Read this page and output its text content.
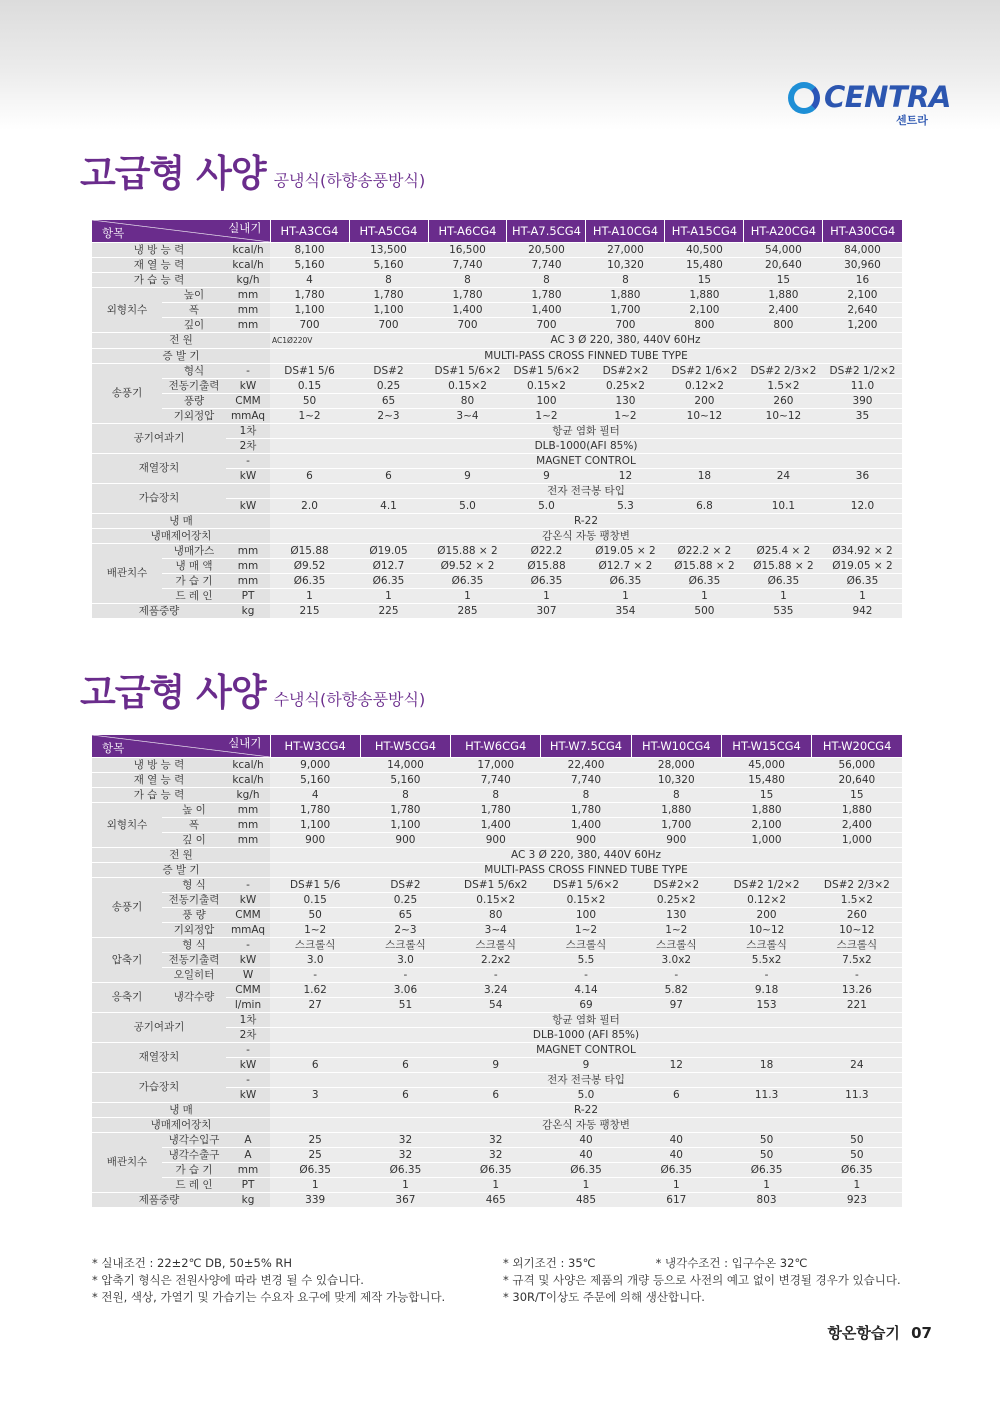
CENTRA
센트라
고급형 사양 공냉식(하향송풍방식)
항목 실내기			HT-A3CG4	HT-A5CG4	HT-A6CG4	HT-A7.5CG4	HT-A10CG4	HT-A15CG4	HT-A20CG4	HT-A30CG4
냉 방 능 력		kcal/h	8,100	13,500	16,500	20,500	27,000	40,500	54,000	84,000
재 열 능 력		kcal/h	5,160	5,160	7,740	7,740	10,320	15,480	20,640	30,960
가 습 능 력		kg/h	4	8	8	8	8	15	15	16
외형치수	높이	mm	1,780	1,780	1,780	1,780	1,880	1,880	1,880	2,100
	폭	mm	1,100	1,100	1,400	1,400	1,700	2,100	2,400	2,640
	깊이	mm	700	700	700	700	700	800	800	1,200
전 원			AC1Ø220V	AC 3 Ø 220, 380, 440V 60Hz						
증 발 기			MULTI-PASS CROSS FINNED TUBE TYPE							
송풍기	형식	-	DS#1 5/6	DS#2	DS#1 5/6×2	DS#1 5/6×2	DS#2×2	DS#2 1/6×2	DS#2 2/3×2	DS#2 1/2×2
	전동기출력	kW	0.15	0.25	0.15×2	0.15×2	0.25×2	0.12×2	1.5×2	11.0
	풍량	CMM	50	65	80	100	130	200	260	390
	기외정압	mmAq	1~2	2~3	3~4	1~2	1~2	10~12	10~12	35
공기여과기		1차	항균 염화 필터							
		2차	DLB-1000(AFI 85%)							
재열장치		-	MAGNET CONTROL							
		kW	6	6	9	9	12	18	24	36
가습장치			전자 전극봉 타입							
		kW	2.0	4.1	5.0	5.0	5.3	6.8	10.1	12.0
냉 매			R-22							
냉매제어장치			감온식 자동 팽창변							
배관치수	냉매가스	mm	Ø15.88	Ø19.05	Ø15.88 × 2	Ø22.2	Ø19.05 × 2	Ø22.2 × 2	Ø25.4 × 2	Ø34.92 × 2
	냉 매 액	mm	Ø9.52	Ø12.7	Ø9.52 × 2	Ø15.88	Ø12.7 × 2	Ø15.88 × 2	Ø15.88 × 2	Ø19.05 × 2
	가 습 기	mm	Ø6.35	Ø6.35	Ø6.35	Ø6.35	Ø6.35	Ø6.35	Ø6.35	Ø6.35
	드 레 인	PT	1	1	1	1	1	1	1	1
제품중량		kg	215	225	285	307	354	500	535	942
고급형 사양 수냉식(하향송풍방식)
항목 실내기			HT-W3CG4	HT-W5CG4	HT-W6CG4	HT-W7.5CG4	HT-W10CG4	HT-W15CG4	HT-W20CG4
냉 방 능 력		kcal/h	9,000	14,000	17,000	22,400	28,000	45,000	56,000
재 열 능 력		kcal/h	5,160	5,160	7,740	7,740	10,320	15,480	20,640
가 습 능 력		kg/h	4	8	8	8	8	15	15
외형치수	높 이	mm	1,780	1,780	1,780	1,780	1,880	1,880	1,880
	폭	mm	1,100	1,100	1,400	1,400	1,700	2,100	2,400
	깊 이	mm	900	900	900	900	900	1,000	1,000
전 원			AC 3 Ø 220, 380, 440V 60Hz						
증 발 기			MULTI-PASS CROSS FINNED TUBE TYPE						
송풍기	형 식	-	DS#1 5/6	DS#2	DS#1 5/6x2	DS#1 5/6×2	DS#2×2	DS#2 1/2×2	DS#2 2/3×2
	전동기출력	kW	0.15	0.25	0.15×2	0.15×2	0.25×2	0.12×2	1.5×2
	풍 량	CMM	50	65	80	100	130	200	260
	기외정압	mmAq	1~2	2~3	3~4	1~2	1~2	10~12	10~12
압축기	형 식	-	스크롤식	스크롤식	스크롤식	스크롤식	스크롤식	스크롤식	스크롤식
	전동기출력	kW	3.0	3.0	2.2x2	5.5	3.0x2	5.5x2	7.5x2
	오일히터	W	-	-	-	-	-	-	-
응축기	냉각수량	CMM	1.62	3.06	3.24	4.14	5.82	9.18	13.26
		l/min	27	51	54	69	97	153	221
공기여과기		1차	항균 염화 필터						
		2차	DLB-1000 (AFI 85%)						
재열장치		-	MAGNET CONTROL						
		kW	6	6	9	9	12	18	24
가습장치		-	전자 전극봉 타입						
		kW	3	6	6	5.0	6	11.3	11.3
냉 매			R-22						
냉매제어장치			감온식 자동 팽창변						
배관치수	냉각수입구	A	25	32	32	40	40	50	50
	냉각수출구	A	25	32	32	40	40	50	50
	가 습 기	mm	Ø6.35	Ø6.35	Ø6.35	Ø6.35	Ø6.35	Ø6.35	Ø6.35
	드 레 인	PT	1	1	1	1	1	1	1
제품중량		kg	339	367	465	485	617	803	923
* 실내조건 : 22±2℃ DB, 50±5% RH
* 압축기 형식은 전원사양에 따라 변경 될 수 있습니다.
* 전원, 색상, 가열기 및 가습기는 수요자 요구에 맞게 제작 가능합니다.
* 외기조건 : 35℃	* 냉각수조건 : 입구수온 32℃
* 규격 및 사양은 제품의 개량 등으로 사전의 예고 없이 변경될 경우가 있습니다.
* 30R/T이상도 주문에 의해 생산합니다.
항온항습기 07
